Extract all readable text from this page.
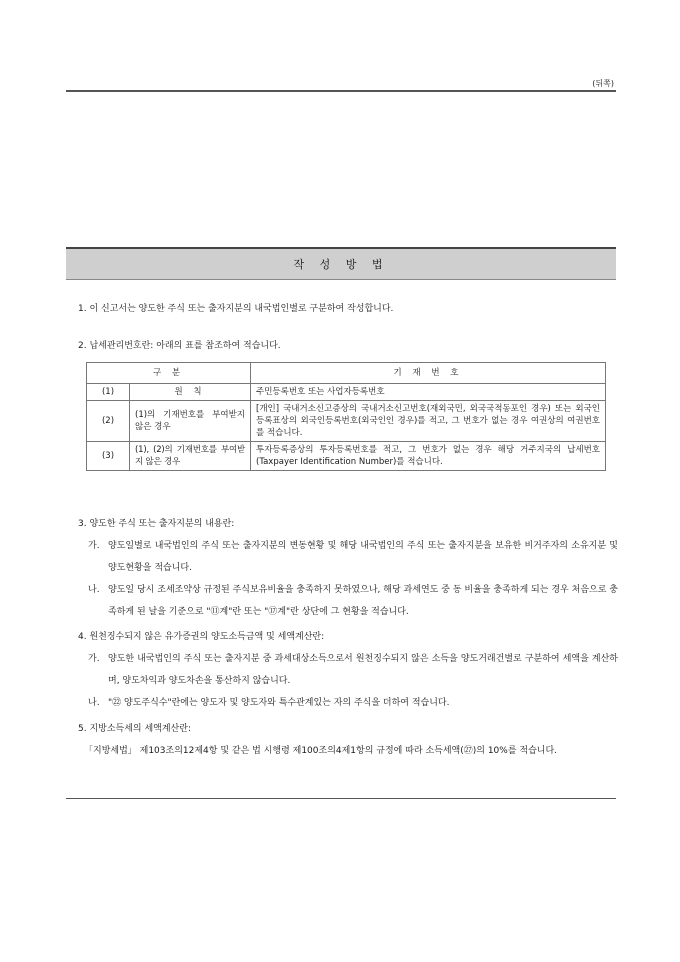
(뒤쪽)
작 성 방 법
1. 이 신고서는 양도한 주식 또는 출자지분의 내국법인별로 구분하여 작성합니다.
2. 납세관리번호란: 아래의 표를 참조하여 적습니다.
구 분		기 재 번 호
(1)	원 칙	주민등록번호 또는 사업자등록번호
(2)	(1)의 기재번호를 부여받지 않은 경우	[개인] 국내거소신고증상의 국내거소신고번호(재외국민, 외국국적동포인 경우) 또는 외국인등록표상의 외국인등록번호(외국인인 경우)를 적고, 그 번호가 없는 경우 여권상의 여권번호를 적습니다.
(3)	(1), (2)의 기재번호를 부여받지 않은 경우	투자등록증상의 투자등록번호를 적고, 그 번호가 없는 경우 해당 거주지국의 납세번호(Taxpayer Identification Number)를 적습니다.
3. 양도한 주식 또는 출자지분의 내용란:

가. 양도일별로 내국법인의 주식 또는 출자지분의 변동현황 및 해당 내국법인의 주식 또는 출자지분을 보유한 비거주자의 소유지분 및 양도현황을 적습니다.

나. 양도일 당시 조세조약상 규정된 주식보유비율을 충족하지 못하였으나, 해당 과세연도 중 동 비율을 충족하게 되는 경우 처음으로 충족하게 된 날을 기준으로 "⑪계"란 또는 "⑰계"란 상단에 그 현황을 적습니다.

4. 원천징수되지 않은 유가증권의 양도소득금액 및 세액계산란:

가. 양도한 내국법인의 주식 또는 출자지분 중 과세대상소득으로서 원천징수되지 않은 소득을 양도거래건별로 구분하여 세액을 계산하며, 양도차익과 양도차손을 통산하지 않습니다.

나. "㉒ 양도주식수"란에는 양도자 및 양도자와 특수관계있는 자의 주식을 더하여 적습니다.

5. 지방소득세의 세액계산란:

「지방세법」 제103조의12제4항 및 같은 법 시행령 제100조의4제1항의 규정에 따라 소득세액(㉗)의 10%를 적습니다.
